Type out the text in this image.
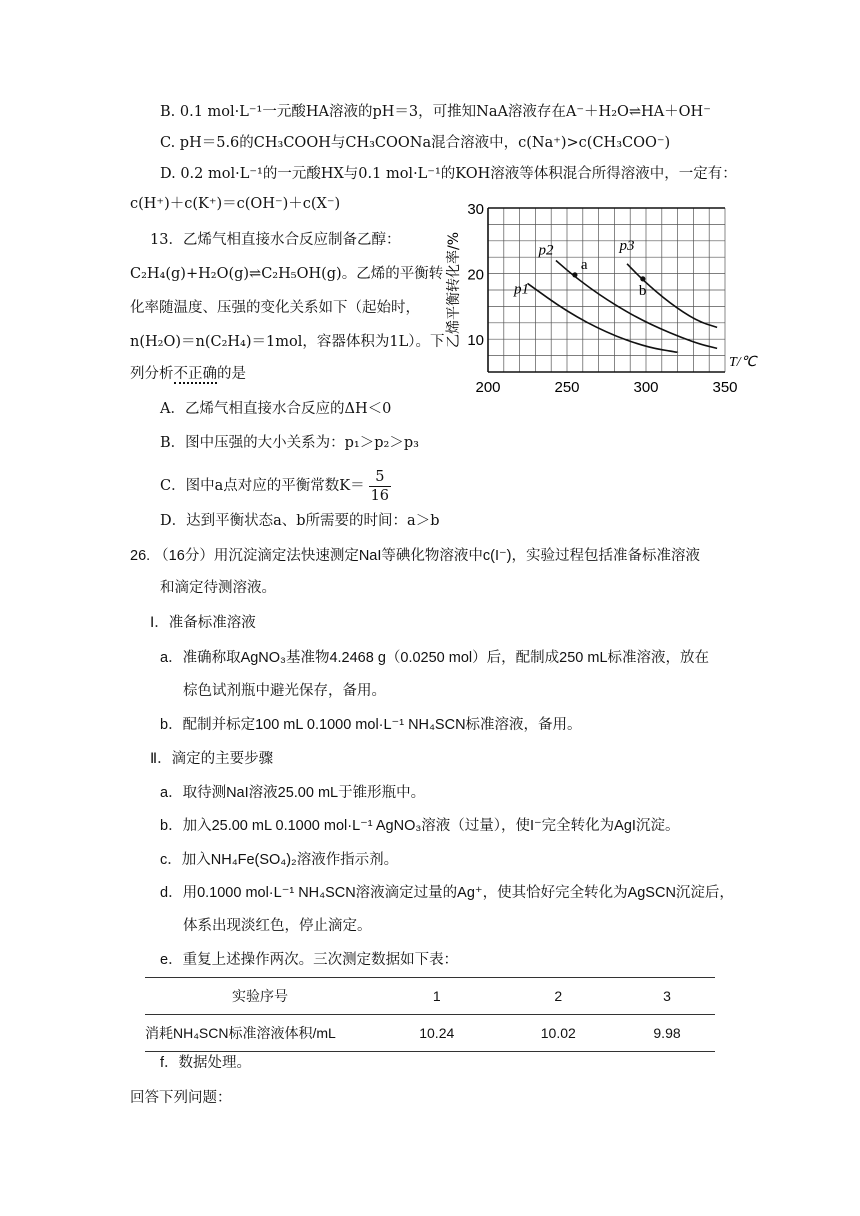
B. 0.1 mol·L⁻¹一元酸HA溶液的pH＝3，可推知NaA溶液存在A⁻＋H₂O⇌HA＋OH⁻
C. pH＝5.6的CH₃COOH与CH₃COONa混合溶液中，c(Na⁺)>c(CH₃COO⁻)
D. 0.2 mol·L⁻¹的一元酸HX与0.1 mol·L⁻¹的KOH溶液等体积混合所得溶液中，一定有：
c(H⁺)＋c(K⁺)＝c(OH⁻)＋c(X⁻)
13．乙烯气相直接水合反应制备乙醇：
C₂H₄(g)+H₂O(g)⇌C₂H₅OH(g)。乙烯的平衡转
化率随温度、压强的变化关系如下（起始时，
n(H₂O)＝n(C₂H₄)＝1mol，容器体积为1L）。下
列分析不正确的是
A．乙烯气相直接水合反应的ΔH＜0
B．图中压强的大小关系为：p₁＞p₂＞p₃
C．图中a点对应的平衡常数$K= \frac{5}{16}$
D．达到平衡状态a、b所需要的时间：a＞b
200	250	300	350
10
20
30
T/℃
乙烯平衡转化率/%	p1
p2	p3
a
b
26. （16分）用沉淀滴定法快速测定NaI等碘化物溶液中c(I⁻)，实验过程包括准备标准溶液
和滴定待测溶液。
Ⅰ．准备标准溶液
a．准确称取AgNO₃基准物4.2468 g（0.0250 mol）后，配制成250 mL标准溶液，放在
棕色试剂瓶中避光保存，备用。
b．配制并标定100 mL 0.1000 mol·L⁻¹ NH₄SCN标准溶液，备用。
Ⅱ．滴定的主要步骤
a．取待测NaI溶液25.00 mL于锥形瓶中。
b．加入25.00 mL 0.1000 mol·L⁻¹ AgNO₃溶液（过量），使I⁻完全转化为AgI沉淀。
c．加入NH₄Fe(SO₄)₂溶液作指示剂。
d．用0.1000 mol·L⁻¹ NH₄SCN溶液滴定过量的Ag⁺，使其恰好完全转化为AgSCN沉淀后，
体系出现淡红色，停止滴定。
e．重复上述操作两次。三次测定数据如下表：
实验序号	1	2	3
消耗NH₄SCN标准溶液体积/mL	10.24	10.02	9.98
f．数据处理。
回答下列问题：
